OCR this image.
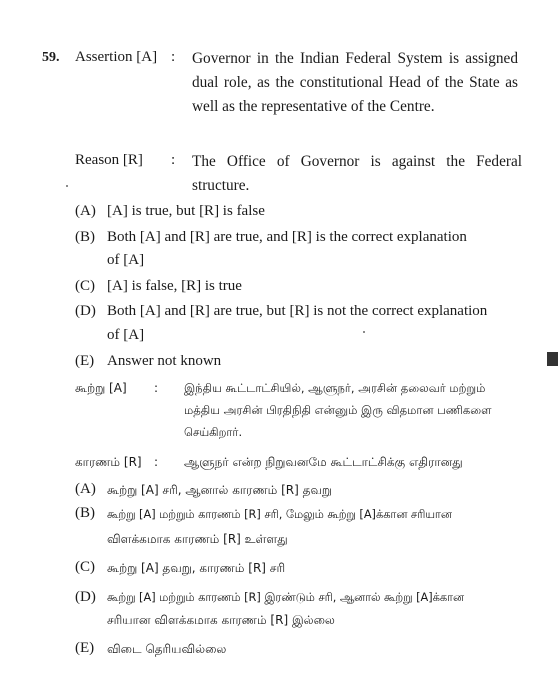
59. Assertion [A] : Governor in the Indian Federal System is assigned dual role, as the constitutional Head of the State as well as the representative of the Centre.
Reason [R] : The Office of Governor is against the Federal structure.
(A) [A] is true, but [R] is false
(B) Both [A] and [R] are true, and [R] is the correct explanation
of [A]
(C) [A] is false, [R] is true
(D) Both [A] and [R] are true, but [R] is not the correct explanation
of [A]
(E) Answer not known
கூற்று [A] : இந்திய கூட்டாட்சியில், ஆளுநர், அரசின் தலைவர் மற்றும்
மத்திய அரசின் பிரதிநிதி என்னும் இரு விதமான பணிகளை
செய்கிறார்.
காரணம் [R] : ஆளுநர் என்ற நிறுவனமே கூட்டாட்சிக்கு எதிரானது
(A) கூற்று [A] சரி, ஆனால் காரணம் [R] தவறு
(B) கூற்று [A] மற்றும் காரணம் [R] சரி, மேலும் கூற்று [A]க்கான சரியான
விளக்கமாக காரணம் [R] உள்ளது
(C) கூற்று [A] தவறு, காரணம் [R] சரி
(D) கூற்று [A] மற்றும் காரணம் [R] இரண்டும் சரி, ஆனால் கூற்று [A]க்கான
சரியான விளக்கமாக காரணம் [R] இல்லை
(E) விடை தெரியவில்லை
